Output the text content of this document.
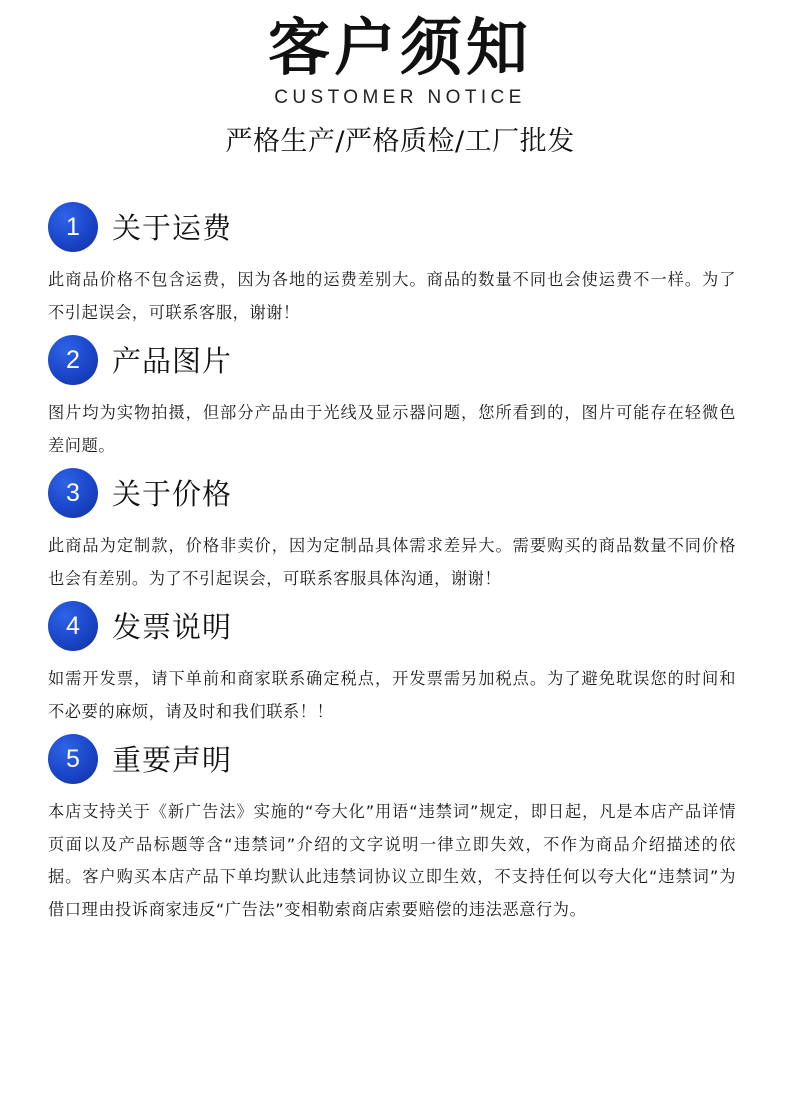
客户须知
CUSTOMER NOTICE
严格生产/严格质检/工厂批发
1	关于运费
此商品价格不包含运费，因为各地的运费差别大。商品的数量不同也会使运费不一样。为了不引起误会，可联系客服，谢谢！
2	产品图片
图片均为实物拍摄，但部分产品由于光线及显示器问题，您所看到的，图片可能存在轻微色差问题。
3	关于价格
此商品为定制款，价格非卖价，因为定制品具体需求差异大。需要购买的商品数量不同价格也会有差别。为了不引起误会，可联系客服具体沟通，谢谢！
4	发票说明
如需开发票，请下单前和商家联系确定税点，开发票需另加税点。为了避免耽误您的时间和不必要的麻烦，请及时和我们联系！！
5	重要声明
本店支持关于《新广告法》实施的“夸大化”用语“违禁词”规定，即日起，凡是本店产品详情页面以及产品标题等含“违禁词”介绍的文字说明一律立即失效，不作为商品介绍描述的依据。客户购买本店产品下单均默认此违禁词协议立即生效，不支持任何以夸大化“违禁词”为借口理由投诉商家违反“广告法”变相勒索商店索要赔偿的违法恶意行为。
